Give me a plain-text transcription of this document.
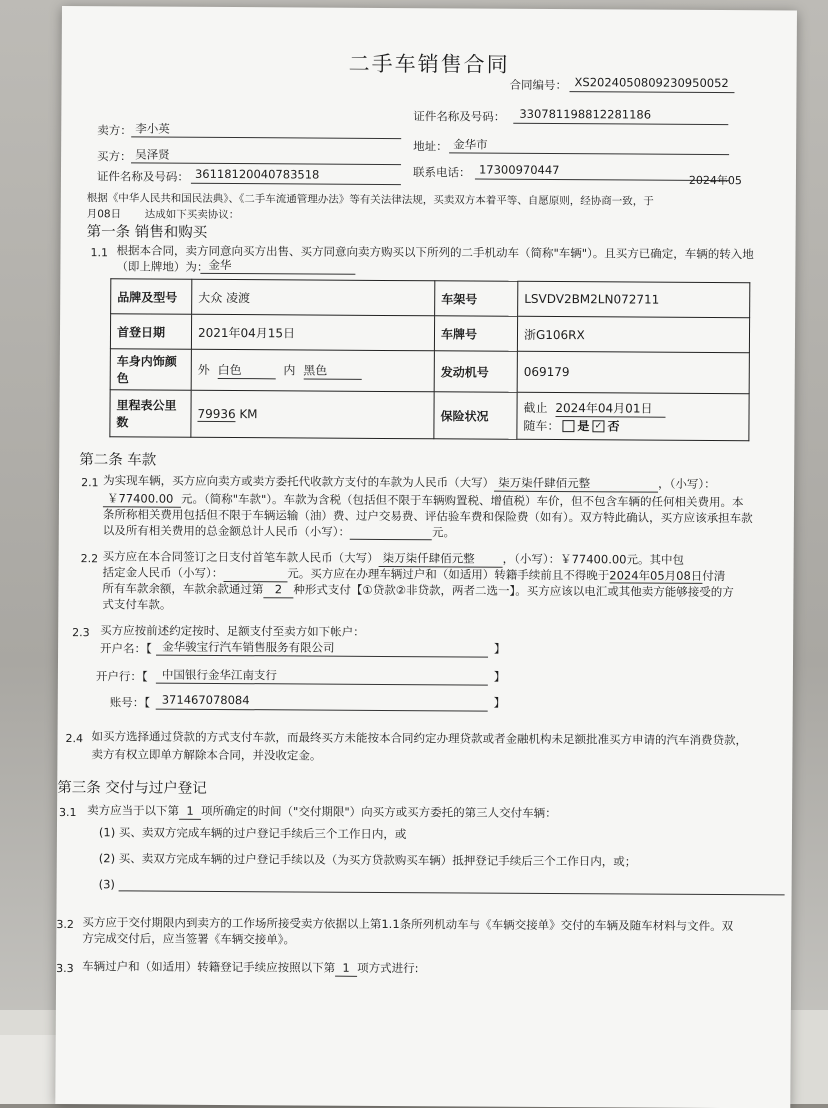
二手车销售合同
合同编号： XS2024050809230950052
卖方： 李小英
证件名称及号码： 330781198812281186
买方： 吴泽贤
地址： 金华市
证件名称及号码： 36118120040783518	联系电话： 17300970447
根据《中华人民共和国民法典》、《二手车流通管理办法》等有关法律法规，买卖双方本着平等、自愿原则，经协商一致，于
2024年05
月08日 达成如下买卖协议：
第一条 销售和购买
1.1 根据本合同，卖方同意向买方出售、买方同意向卖方购买以下所列的二手机动车（简称"车辆"）。且买方已确定，车辆的转入地
（即上牌地）为： 金华
品牌及型号	大众 凌渡	车架号	LSVDV2BM2LN072711
首登日期	2021年04月15日	车牌号	浙G106RX
车身内饰颜色	外 白色 内 黑色	发动机号	069179
里程表公里数	79936 KM	保险状况	截止 2024年04月01日
随车： 是 ✓ 否
第二条 车款
2.1 为实现车辆，买方应向卖方或卖方委托代收款方支付的车款为人民币（大写） 柒万柒仟肆佰元整	，（小写）：
￥77400.00 元。（简称"车款"）。车款为含税（包括但不限于车辆购置税、增值税）车价，但不包含车辆的任何相关费用。本
条所称相关费用包括但不限于车辆运输（油）费、过户交易费、评估验车费和保险费（如有）。双方特此确认，买方应该承担车款
以及所有相关费用的总金额总计人民币（小写）：	元。
2.2 买方应在本合同签订之日支付首笔车款人民币（大写） 柒万柒仟肆佰元整 ，（小写）：￥77400.00元。其中包
括定金人民币（小写）：	元。买方应在办理车辆过户和（如适用）转籍手续前且不得晚于2024年05月08日付清
所有车款余额，车款余款通过第 2 种形式支付【①贷款②非贷款，两者二选一】。买方应该以电汇或其他卖方能够接受的方
式支付车款。
2.3 买方应按前述约定按时、足额支付至卖方如下帐户：
开户名：【 金华骏宝行汽车销售服务有限公司	】
开户行：【 中国银行金华江南支行	】
账号：【 371467078084	】
2.4 如买方选择通过贷款的方式支付车款，而最终买方未能按本合同约定办理贷款或者金融机构未足额批准买方申请的汽车消费贷款，
卖方有权立即单方解除本合同，并没收定金。
第三条 交付与过户登记
3.1 卖方应当于以下第 1 项所确定的时间（"交付期限"）向买方或买方委托的第三人交付车辆：
(1) 买、卖双方完成车辆的过户登记手续后三个工作日内，或
(2) 买、卖双方完成车辆的过户登记手续以及（为买方贷款购买车辆）抵押登记手续后三个工作日内，或；
(3)
3.2 买方应于交付期限内到卖方的工作场所接受卖方依据以上第1.1条所列机动车与《车辆交接单》交付的车辆及随车材料与文件。双
方完成交付后，应当签署《车辆交接单》。
3.3 车辆过户和（如适用）转籍登记手续应按照以下第 1 项方式进行:
